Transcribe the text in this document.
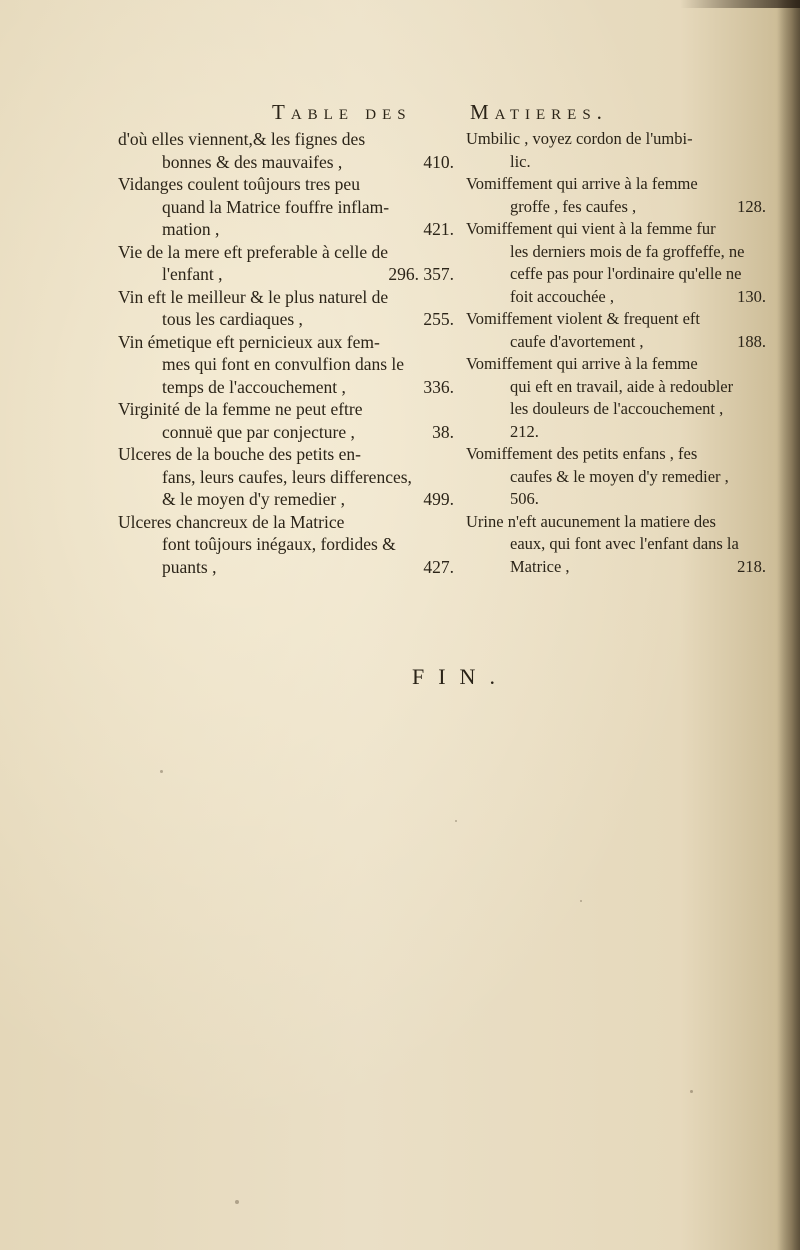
Table des	Matieres.
d'où elles viennent,& les fignes des
bonnes & des mauvaifes ,	410.
Vidanges coulent toûjours tres peu
quand la Matrice fouffre inflam-
mation ,	421.
Vie de la mere eft preferable à celle de
l'enfant ,	296. 357.
Vin eft le meilleur & le plus naturel de
tous les cardiaques ,	255.
Vin émetique eft pernicieux aux fem-
mes qui font en convulfion dans le
temps de l'accouchement ,	336.
Virginité de la femme ne peut eftre
connuë que par conjecture ,	38.
Ulceres de la bouche des petits en-
fans, leurs caufes, leurs differences,
& le moyen d'y remedier ,	499.
Ulceres chancreux de la Matrice
font toûjours inégaux, fordides &
puants ,	427.
Umbilic , voyez cordon de l'umbi-
lic.
Vomiffement qui arrive à la femme
groffe , fes caufes ,	128.
Vomiffement qui vient à la femme fur
les derniers mois de fa groffeffe, ne
ceffe pas pour l'ordinaire qu'elle ne
foit accouchée ,	130.
Vomiffement violent & frequent eft
caufe d'avortement ,	188.
Vomiffement qui arrive à la femme
qui eft en travail, aide à redoubler
les douleurs de l'accouchement ,
212.
Vomiffement des petits enfans , fes
caufes & le moyen d'y remedier ,
506.
Urine n'eft aucunement la matiere des
eaux, qui font avec l'enfant dans la
Matrice ,	218.
FIN.
